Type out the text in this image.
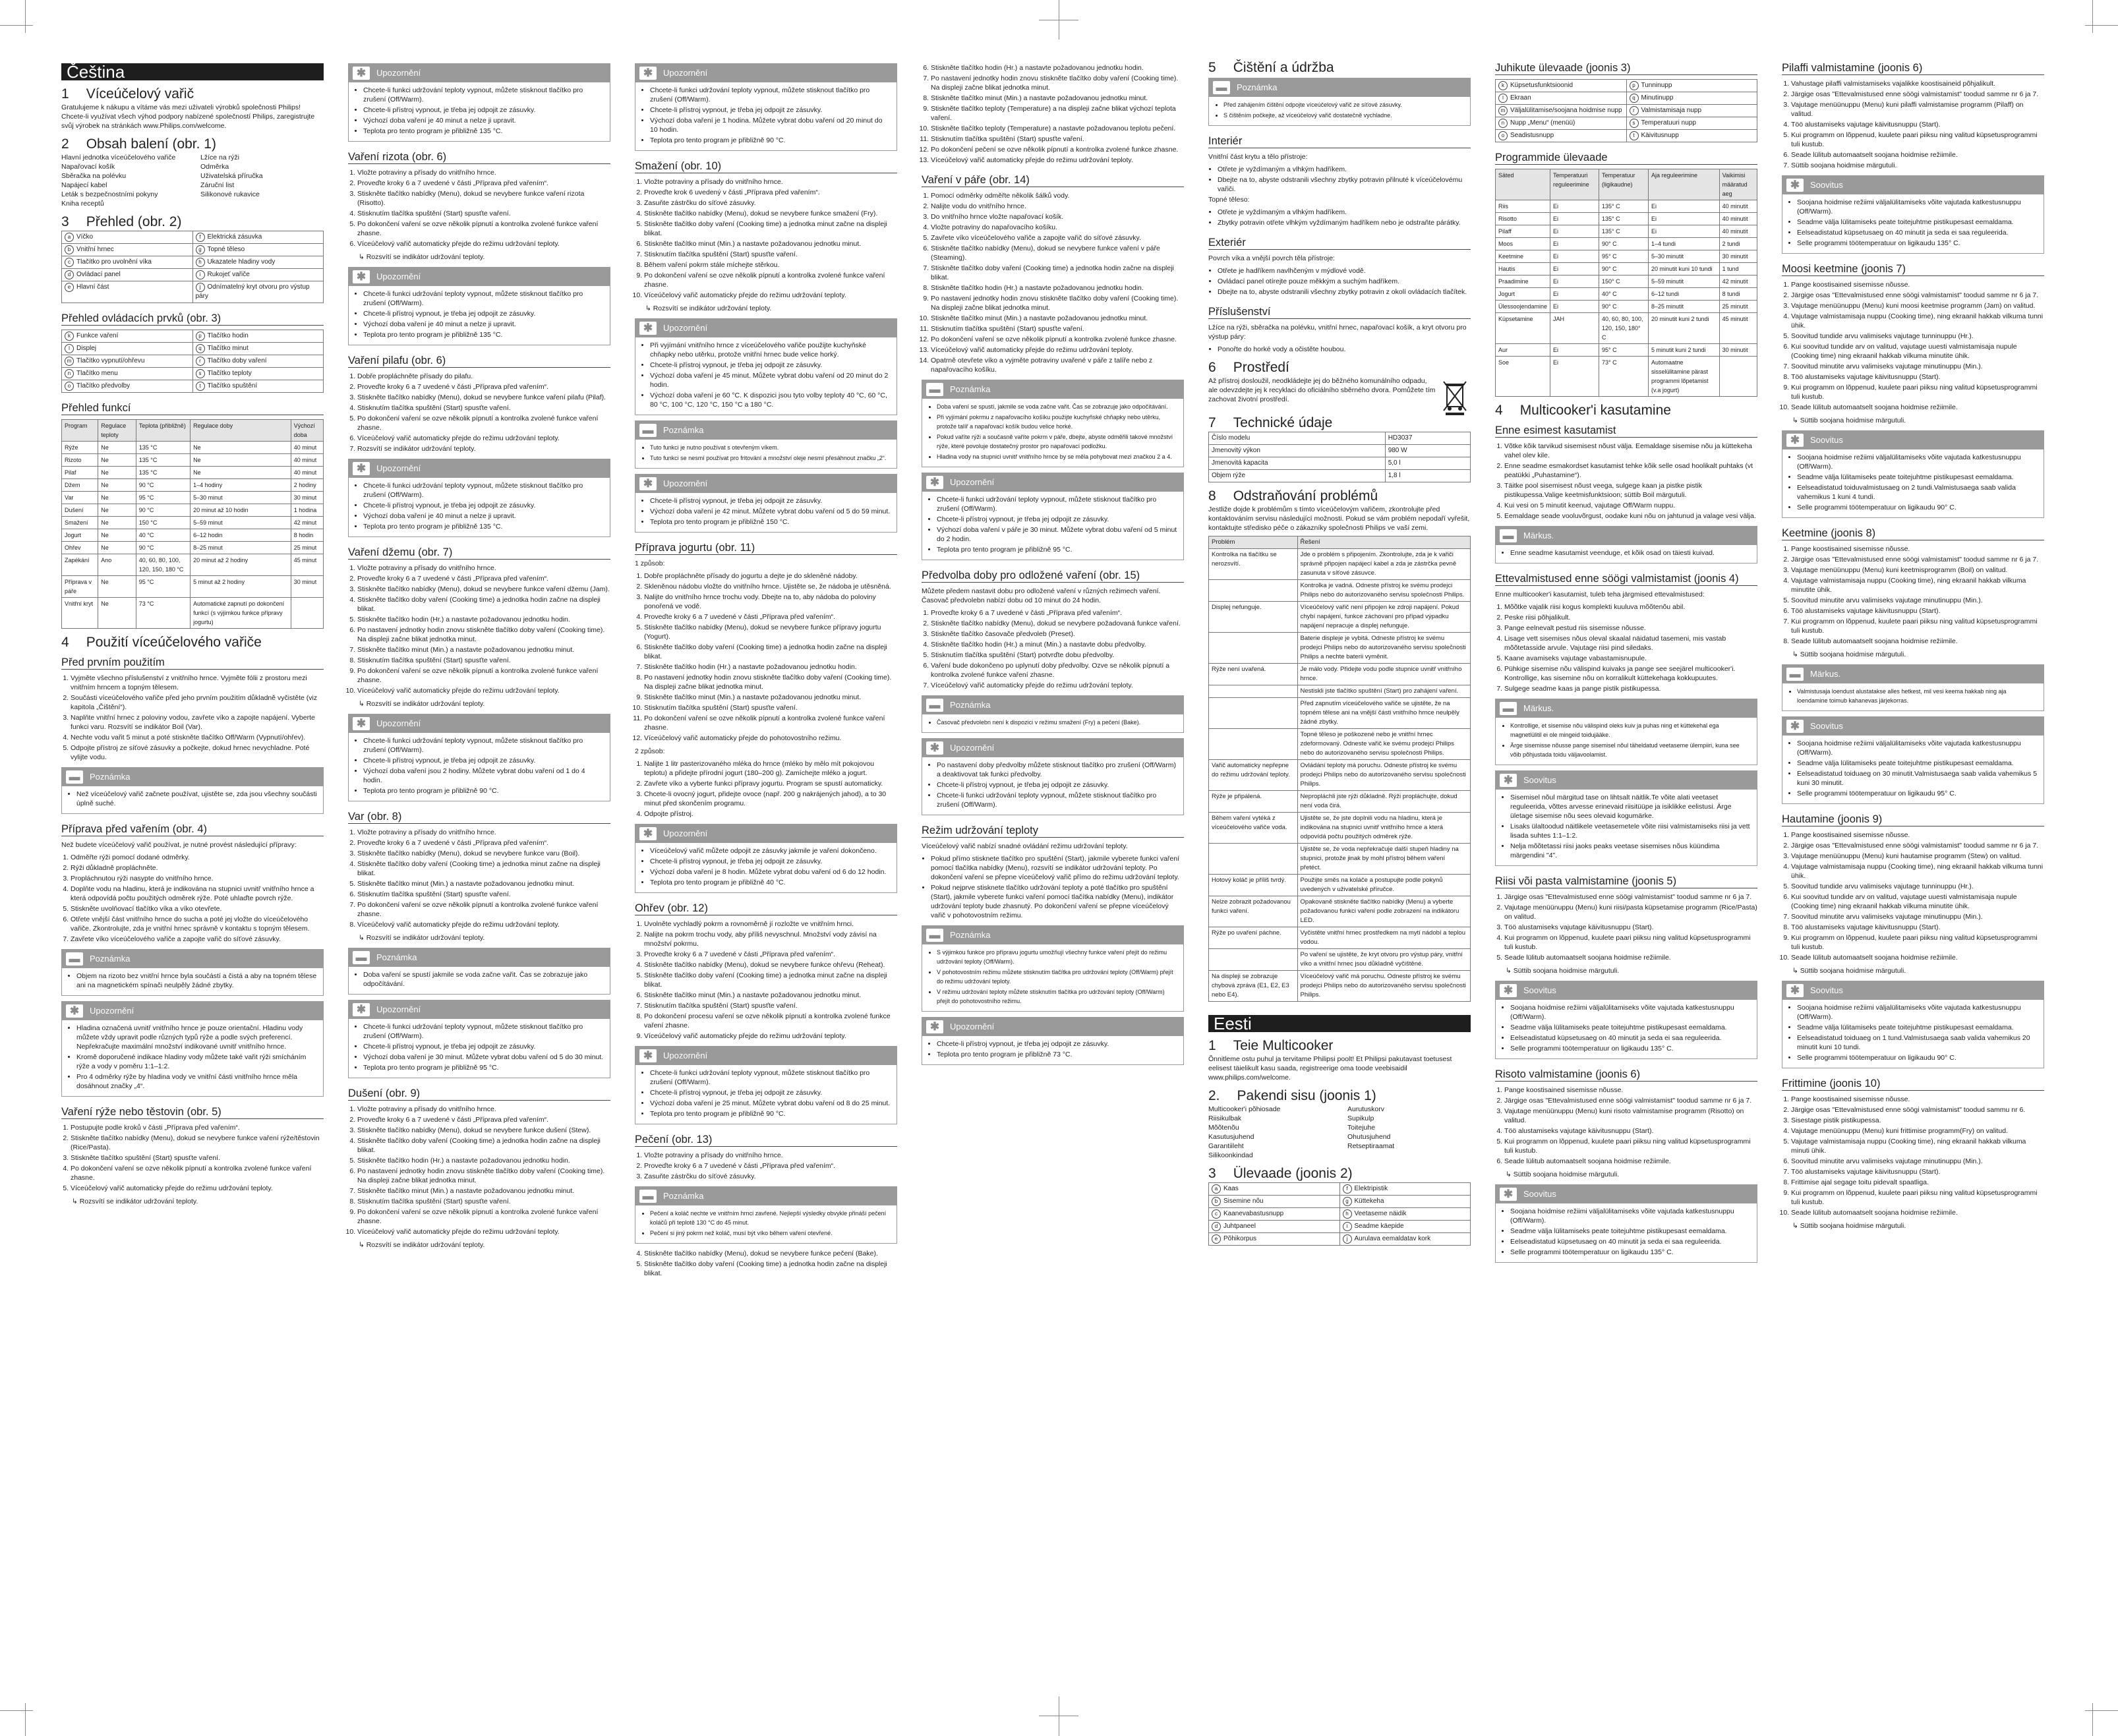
Čeština
1 Víceúčelový vařič

Gratulujeme k nákupu a vítáme vás mezi uživateli výrobků společnosti Philips! Chcete-li využívat všech výhod podpory nabízené společností Philips, zaregistrujte svůj výrobek na stránkách www.Philips.com/welcome.

2 Obsah balení (obr. 1)
Hlavní jednotka víceúčelového vařiče
Napařovací košík
Sběračka na polévku
Napájecí kabel
Leták s bezpečnostními pokyny
Kniha receptů
Lžíce na rýži
Odměrka
Uživatelská příručka
Záruční list
Silikonové rukavice
3 Přehled (obr. 2)
a Víčko	f Elektrická zásuvka
b Vnitřní hrnec	g Topné těleso
c Tlačítko pro uvolnění víka	h Ukazatele hladiny vody
d Ovládací panel	i Rukojeť vařiče
e Hlavní část	j Odnímatelný kryt otvoru pro výstup páry
Přehled ovládacích prvků (obr. 3)
k Funkce vaření	p Tlačítko hodin
l Displej	q Tlačítko minut
m Tlačítko vypnutí/ohřevu	r Tlačítko doby vaření
n Tlačítko menu	s Tlačítko teploty
o Tlačítko předvolby	t Tlačítko spuštění
Přehled funkcí
Program	Regulace teploty	Teplota (přibližně)	Regulace doby	Výchozí doba
Rýže	Ne	135 °C	Ne	40 minut
Rizoto	Ne	135 °C	Ne	40 minut
Pilaf	Ne	135 °C	Ne	40 minut
Džem	Ne	90 °C	1–4 hodiny	2 hodiny
Var	Ne	95 °C	5–30 minut	30 minut
Dušení	Ne	90 °C	20 minut až 10 hodin	1 hodina
Smažení	Ne	150 °C	5–59 minut	42 minut
Jogurt	Ne	40 °C	6–12 hodin	8 hodin
Ohřev	Ne	90 °C	8–25 minut	25 minut
Zapékání	Ano	40, 60, 80, 100, 120, 150, 180 °C	20 minut až 2 hodiny	45 minut
Příprava v páře	Ne	95 °C	5 minut až 2 hodiny	30 minut
Vnitřní kryt	Ne	73 °C	Automatické zapnutí po dokončení funkcí (s výjimkou funkce přípravy jogurtu)	
4 Použití víceúčelového vařiče
Před prvním použitím
1. Vyjměte všechno příslušenství z vnitřního hrnce. Vyjměte fólii z prostoru mezi vnitřním hrncem a topným tělesem.
2. Součásti víceúčelového vařiče před jeho prvním použitím důkladně vyčistěte (viz kapitola „Čištění“).
3. Naplňte vnitřní hrnec z poloviny vodou, zavřete víko a zapojte napájení. Vyberte funkci varu. Rozsvítí se indikátor Boil (Var).
4. Nechte vodu vařit 5 minut a poté stiskněte tlačítko Off/Warm (Vypnutí/ohřev).
5. Odpojte přístroj ze síťové zásuvky a počkejte, dokud hrnec nevychladne. Poté vylijte vodu.
▬	Poznámka
• Než víceúčelový vařič začnete používat, ujistěte se, zda jsou všechny součásti úplně suché.
Příprava před vařením (obr. 4)

Než budete víceúčelový vařič používat, je nutné provést následující přípravy:

1. Odměřte rýži pomocí dodané odměrky.
2. Rýži důkladně propláchněte.
3. Propláchnutou rýži nasypte do vnitřního hrnce.
4. Doplňte vodu na hladinu, která je indikována na stupnici uvnitř vnitřního hrnce a která odpovídá počtu použitých odměrek rýže. Poté uhlaďte povrch rýže.
5. Stiskněte uvolňovací tlačítko víka a víko otevřete.
6. Otřete vnější část vnitřního hrnce do sucha a poté jej vložte do víceúčelového vařiče. Zkontrolujte, zda je vnitřní hrnec správně v kontaktu s topným tělesem.
7. Zavřete víko víceúčelového vařiče a zapojte vařič do síťové zásuvky.
▬	Poznámka
• Objem na rizoto bez vnitřní hrnce byla součástí a čistá a aby na topném tělese ani na magnetickém spínači neulpěly žádné zbytky.
✱	Upozornění
• Hladina označená uvnitř vnitřního hrnce je pouze orientační. Hladinu vody můžete vždy upravit podle různých typů rýže a podle svých preferencí. Nepřekračujte maximální množství indikované uvnitř vnitřního hrnce.
• Kromě doporučené indikace hladiny vody můžete také vařit rýži smícháním rýže a vody v poměru 1:1–1:2.
• Pro 4 odměrky rýže by hladina vody ve vnitřní části vnitřního hrnce měla dosáhnout značky „4“.
Vaření rýže nebo těstovin (obr. 5)
1. Postupujte podle kroků v části „Příprava před vařením“.
2. Stiskněte tlačítko nabídky (Menu), dokud se nevybere funkce vaření rýže/těstovin (Rice/Pasta).
3. Stiskněte tlačítko spuštění (Start) spusťte vaření.
4. Po dokončení vaření se ozve několik pípnutí a kontrolka zvolené funkce vaření zhasne.
5. Víceúčelový vařič automaticky přejde do režimu udržování teploty.
↳ Rozsvítí se indikátor udržování teploty.
✱	Upozornění
• Chcete-li funkci udržování teploty vypnout, můžete stisknout tlačítko pro zrušení (Off/Warm).
• Chcete-li přístroj vypnout, je třeba jej odpojit ze zásuvky.
• Výchozí doba vaření je 40 minut a nelze ji upravit.
• Teplota pro tento program je přibližně 135 °C.
Vaření rizota (obr. 6)
1. Vložte potraviny a přísady do vnitřního hrnce.
2. Proveďte kroky 6 a 7 uvedené v části „Příprava před vařením“.
3. Stiskněte tlačítko nabídky (Menu), dokud se nevybere funkce vaření rizota (Risotto).
4. Stisknutím tlačítka spuštění (Start) spusťte vaření.
5. Po dokončení vaření se ozve několik pípnutí a kontrolka zvolené funkce vaření zhasne.
6. Víceúčelový vařič automaticky přejde do režimu udržování teploty.
↳ Rozsvítí se indikátor udržování teploty.
✱	Upozornění
• Chcete-li funkci udržování teploty vypnout, můžete stisknout tlačítko pro zrušení (Off/Warm).
• Chcete-li přístroj vypnout, je třeba jej odpojit ze zásuvky.
• Výchozí doba vaření je 40 minut a nelze ji upravit.
• Teplota pro tento program je přibližně 135 °C.
Vaření pilafu (obr. 6)
1. Dobře propláchněte přísady do pilafu.
2. Proveďte kroky 6 a 7 uvedené v části „Příprava před vařením“.
3. Stiskněte tlačítko nabídky (Menu), dokud se nevybere funkce vaření pilafu (Pilaf).
4. Stisknutím tlačítka spuštění (Start) spusťte vaření.
5. Po dokončení vaření se ozve několik pípnutí a kontrolka zvolené funkce vaření zhasne.
6. Víceúčelový vařič automaticky přejde do režimu udržování teploty.
7. Rozsvítí se indikátor udržování teploty.
✱	Upozornění
• Chcete-li funkci udržování teploty vypnout, můžete stisknout tlačítko pro zrušení (Off/Warm).
• Chcete-li přístroj vypnout, je třeba jej odpojit ze zásuvky.
• Výchozí doba vaření je 40 minut a nelze ji upravit.
• Teplota pro tento program je přibližně 135 °C.
Vaření džemu (obr. 7)
1. Vložte potraviny a přísady do vnitřního hrnce.
2. Proveďte kroky 6 a 7 uvedené v části „Příprava před vařením“.
3. Stiskněte tlačítko nabídky (Menu), dokud se nevybere funkce vaření džemu (Jam).
4. Stiskněte tlačítko doby vaření (Cooking time) a jednotka hodin začne na displeji blikat.
5. Stiskněte tlačítko hodin (Hr.) a nastavte požadovanou jednotku hodin.
6. Po nastavení jednotky hodin znovu stiskněte tlačítko doby vaření (Cooking time). Na displeji začne blikat jednotka minut.
7. Stiskněte tlačítko minut (Min.) a nastavte požadovanou jednotku minut.
8. Stisknutím tlačítka spuštění (Start) spusťte vaření.
9. Po dokončení vaření se ozve několik pípnutí a kontrolka zvolené funkce vaření zhasne.
10. Víceúčelový vařič automaticky přejde do režimu udržování teploty.
↳ Rozsvítí se indikátor udržování teploty.
✱	Upozornění
• Chcete-li funkci udržování teploty vypnout, můžete stisknout tlačítko pro zrušení (Off/Warm).
• Chcete-li přístroj vypnout, je třeba jej odpojit ze zásuvky.
• Výchozí doba vaření jsou 2 hodiny. Můžete vybrat dobu vaření od 1 do 4 hodin.
• Teplota pro tento program je přibližně 90 °C.
Var (obr. 8)
1. Vložte potraviny a přísady do vnitřního hrnce.
2. Proveďte kroky 6 a 7 uvedené v části „Příprava před vařením“.
3. Stiskněte tlačítko nabídky (Menu), dokud se nevybere funkce varu (Boil).
4. Stiskněte tlačítko doby vaření (Cooking time) a jednotka minut začne na displeji blikat.
5. Stiskněte tlačítko minut (Min.) a nastavte požadovanou jednotku minut.
6. Stisknutím tlačítka spuštění (Start) spusťte vaření.
7. Po dokončení vaření se ozve několik pípnutí a kontrolka zvolené funkce vaření zhasne.
8. Víceúčelový vařič automaticky přejde do režimu udržování teploty.
↳ Rozsvítí se indikátor udržování teploty.
▬	Poznámka
• Doba vaření se spustí jakmile se voda začne vařit. Čas se zobrazuje jako odpočítávání.
✱	Upozornění
• Chcete-li funkci udržování teploty vypnout, můžete stisknout tlačítko pro zrušení (Off/Warm).
• Chcete-li přístroj vypnout, je třeba jej odpojit ze zásuvky.
• Výchozí doba vaření je 30 minut. Můžete vybrat dobu vaření od 5 do 30 minut.
• Teplota pro tento program je přibližně 95 °C.
Dušení (obr. 9)
1. Vložte potraviny a přísady do vnitřního hrnce.
2. Proveďte kroky 6 a 7 uvedené v části „Příprava před vařením“.
3. Stiskněte tlačítko nabídky (Menu), dokud se nevybere funkce dušení (Stew).
4. Stiskněte tlačítko doby vaření (Cooking time) a jednotka hodin začne na displeji blikat.
5. Stiskněte tlačítko hodin (Hr.) a nastavte požadovanou jednotku hodin.
6. Po nastavení jednotky hodin znovu stiskněte tlačítko doby vaření (Cooking time). Na displeji začne blikat jednotka minut.
7. Stiskněte tlačítko minut (Min.) a nastavte požadovanou jednotku minut.
8. Stisknutím tlačítka spuštění (Start) spusťte vaření.
9. Po dokončení vaření se ozve několik pípnutí a kontrolka zvolené funkce vaření zhasne.
10. Víceúčelový vařič automaticky přejde do režimu udržování teploty.
↳ Rozsvítí se indikátor udržování teploty.
✱	Upozornění
• Chcete-li funkci udržování teploty vypnout, můžete stisknout tlačítko pro zrušení (Off/Warm).
• Chcete-li přístroj vypnout, je třeba jej odpojit ze zásuvky.
• Výchozí doba vaření je 1 hodina. Můžete vybrat dobu vaření od 20 minut do 10 hodin.
• Teplota pro tento program je přibližně 90 °C.
Smažení (obr. 10)
1. Vložte potraviny a přísady do vnitřního hrnce.
2. Proveďte krok 6 uvedený v části „Příprava před vařením“.
3. Zasuňte zástrčku do síťové zásuvky.
4. Stiskněte tlačítko nabídky (Menu), dokud se nevybere funkce smažení (Fry).
5. Stiskněte tlačítko doby vaření (Cooking time) a jednotka minut začne na displeji blikat.
6. Stiskněte tlačítko minut (Min.) a nastavte požadovanou jednotku minut.
7. Stisknutím tlačítka spuštění (Start) spusťte vaření.
8. Během vaření pokrm stále míchejte stěrkou.
9. Po dokončení vaření se ozve několik pípnutí a kontrolka zvolené funkce vaření zhasne.
10. Víceúčelový vařič automaticky přejde do režimu udržování teploty.
↳ Rozsvítí se indikátor udržování teploty.
✱	Upozornění
• Při vyjímání vnitřního hrnce z víceúčelového vařiče použijte kuchyňské chňapky nebo utěrku, protože vnitřní hrnec bude velice horký.
• Chcete-li přístroj vypnout, je třeba jej odpojit ze zásuvky.
• Výchozí doba vaření je 45 minut. Můžete vybrat dobu vaření od 20 minut do 2 hodin.
• Výchozí doba vaření je 60 °C. K dispozici jsou tyto volby teploty 40 °C, 60 °C, 80 °C, 100 °C, 120 °C, 150 °C a 180 °C.
▬	Poznámka
• Tuto funkci je nutno používat s otevřeným víkem.
• Tuto funkci se nesmí používat pro fritování a množství oleje nesmí přesáhnout značku „2“.
✱	Upozornění
• Chcete-li přístroj vypnout, je třeba jej odpojit ze zásuvky.
• Výchozí doba vaření je 42 minut. Můžete vybrat dobu vaření od 5 do 59 minut.
• Teplota pro tento program je přibližně 150 °C.
Příprava jogurtu (obr. 11)

1 způsob:

1. Dobře propláchněte přísady do jogurtu a dejte je do skleněné nádoby.
2. Skleněnou nádobu vložte do vnitřního hrnce. Ujistěte se, že nádoba je utěsněná.
3. Nalijte do vnitřního hrnce trochu vody. Dbejte na to, aby nádoba do poloviny ponořená ve vodě.
4. Proveďte kroky 6 a 7 uvedené v části „Příprava před vařením“.
5. Stiskněte tlačítko nabídky (Menu), dokud se nevybere funkce přípravy jogurtu (Yogurt).
6. Stiskněte tlačítko doby vaření (Cooking time) a jednotka hodin začne na displeji blikat.
7. Stiskněte tlačítko hodin (Hr.) a nastavte požadovanou jednotku hodin.
8. Po nastavení jednotky hodin znovu stiskněte tlačítko doby vaření (Cooking time). Na displeji začne blikat jednotka minut.
9. Stiskněte tlačítko minut (Min.) a nastavte požadovanou jednotku minut.
10. Stisknutím tlačítka spuštění (Start) spusťte vaření.
11. Po dokončení vaření se ozve několik pípnutí a kontrolka zvolené funkce vaření zhasne.
12. Víceúčelový vařič automaticky přejde do pohotovostního režimu.

2 způsob:

1. Nalijte 1 litr pasterizovaného mléka do hrnce (mléko by mělo mít pokojovou teplotu) a přidejte přírodní jogurt (180–200 g). Zamíchejte mléko a jogurt.
2. Zavřete víko a vyberte funkci přípravy jogurtu. Program se spustí automaticky.
3. Chcete-li ovocný jogurt, přidejte ovoce (např. 200 g nakrájených jahod), a to 30 minut před skončením programu.
4. Odpojte přístroj.
✱	Upozornění
• Víceúčelový vařič můžete odpojit ze zásuvky jakmile je vaření dokončeno.
• Chcete-li přístroj vypnout, je třeba jej odpojit ze zásuvky.
• Výchozí doba vaření je 8 hodin. Můžete vybrat dobu vaření od 6 do 12 hodin.
• Teplota pro tento program je přibližně 40 °C.
Ohřev (obr. 12)
1. Uvolněte vychladlý pokrm a rovnoměrně jí rozložte ve vnitřním hrnci.
2. Nalijte na pokrm trochu vody, aby příliš nevyschnul. Množství vody závisí na množství pokrmu.
3. Proveďte kroky 6 a 7 uvedené v části „Příprava před vařením“.
4. Stiskněte tlačítko nabídky (Menu), dokud se nevybere funkce ohřevu (Reheat).
5. Stiskněte tlačítko doby vaření (Cooking time) a jednotka minut začne na displeji blikat.
6. Stiskněte tlačítko minut (Min.) a nastavte požadovanou jednotku minut.
7. Stisknutím tlačítka spuštění (Start) spusťte vaření.
8. Po dokončení procesu vaření se ozve několik pípnutí a kontrolka zvolené funkce vaření zhasne.
9. Víceúčelový vařič automaticky přejde do režimu udržování teploty.
✱	Upozornění
• Chcete-li funkci udržování teploty vypnout, můžete stisknout tlačítko pro zrušení (Off/Warm).
• Chcete-li přístroj vypnout, je třeba jej odpojit ze zásuvky.
• Výchozí doba vaření je 25 minut. Můžete vybrat dobu vaření od 8 do 25 minut.
• Teplota pro tento program je přibližně 90 °C.
Pečení (obr. 13)
1. Vložte potraviny a přísady do vnitřního hrnce.
2. Proveďte kroky 6 a 7 uvedené v části „Příprava před vařením“.
3. Zasuňte zástrčku do síťové zásuvky.
▬	Poznámka
• Pečení a koláč nechte ve vnitřním hrnci zavřené. Nejlepší výsledky obvykle přináší pečení koláčů při teplotě 130 °C do 45 minut.
• Pečení si jiný pokrm než koláč, musí být víko během vaření otevřené.
4. Stiskněte tlačítko nabídky (Menu), dokud se nevybere funkce pečení (Bake).
5. Stiskněte tlačítko doby vaření (Cooking time) a jednotka hodin začne na displeji blikat.
6. Stiskněte tlačítko hodin (Hr.) a nastavte požadovanou jednotku hodin.
7. Po nastavení jednotky hodin znovu stiskněte tlačítko doby vaření (Cooking time). Na displeji začne blikat jednotka minut.
8. Stiskněte tlačítko minut (Min.) a nastavte požadovanou jednotku minut.
9. Stiskněte tlačítko teploty (Temperature) a na displeji začne blikat výchozí teplota vaření.
10. Stiskněte tlačítko teploty (Temperature) a nastavte požadovanou teplotu pečení.
11. Stisknutím tlačítka spuštění (Start) spusťte vaření.
12. Po dokončení pečení se ozve několik pípnutí a kontrolka zvolené funkce zhasne.
13. Víceúčelový vařič automaticky přejde do režimu udržování teploty.
Vaření v páře (obr. 14)
1. Pomocí odměrky odměřte několik šálků vody.
2. Nalijte vodu do vnitřního hrnce.
3. Do vnitřního hrnce vložte napařovací košík.
4. Vložte potraviny do napařovacího košíku.
5. Zavřete víko víceúčelového vařiče a zapojte vařič do síťové zásuvky.
6. Stiskněte tlačítko nabídky (Menu), dokud se nevybere funkce vaření v páře (Steaming).
7. Stiskněte tlačítko doby vaření (Cooking time) a jednotka hodin začne na displeji blikat.
8. Stiskněte tlačítko hodin (Hr.) a nastavte požadovanou jednotku hodin.
9. Po nastavení jednotky hodin znovu stiskněte tlačítko doby vaření (Cooking time). Na displeji začne blikat jednotka minut.
10. Stiskněte tlačítko minut (Min.) a nastavte požadovanou jednotku minut.
11. Stisknutím tlačítka spuštění (Start) spusťte vaření.
12. Po dokončení vaření se ozve několik pípnutí a kontrolka zvolené funkce zhasne.
13. Víceúčelový vařič automaticky přejde do režimu udržování teploty.
14. Opatrně otevřete víko a vyjměte potraviny uvařené v páře z talíře nebo z napařovacího košíku.
▬	Poznámka
• Doba vaření se spustí, jakmile se voda začne vařit. Čas se zobrazuje jako odpočítávání.
• Při vyjímání pokrmu z napařovacího košíku použijte kuchyňské chňapky nebo utěrku, protože talíř a napařovací košík budou velice horké.
• Pokud vaříte rýži a současně vaříte pokrm v páře, dbejte, abyste odměřili takové množství rýže, které povoluje dostatečný prostor pro napařovací podložku.
• Hladina vody na stupnici uvnitř vnitřního hrnce by se měla pohybovat mezi značkou 2 a 4.
✱	Upozornění
• Chcete-li funkci udržování teploty vypnout, můžete stisknout tlačítko pro zrušení (Off/Warm).
• Chcete-li přístroj vypnout, je třeba jej odpojit ze zásuvky.
• Výchozí doba vaření v páře je 30 minut. Můžete vybrat dobu vaření od 5 minut do 2 hodin.
• Teplota pro tento program je přibližně 95 °C.
Předvolba doby pro odložené vaření (obr. 15)

Můžete předem nastavit dobu pro odložené vaření v různých režimech vaření. Časovač předvolebn nabízí dobu od 10 minut do 24 hodin.

1. Proveďte kroky 6 a 7 uvedené v části „Příprava před vařením“.
2. Stiskněte tlačítko nabídky (Menu), dokud se nevybere požadovaná funkce vaření.
3. Stiskněte tlačítko časovače předvoleb (Preset).
4. Stiskněte tlačítko hodin (Hr.) a minut (Min.) a nastavte dobu předvolby.
5. Stisknutím tlačítka spuštění (Start) potvrďte dobu předvolby.
6. Vaření bude dokončeno po uplynutí doby předvolby. Ozve se několik pípnutí a kontrolka zvolené funkce vaření zhasne.
7. Víceúčelový vařič automaticky přejde do režimu udržování teploty.
▬	Poznámka
• Časovač předvolebn není k dispozici v režimu smažení (Fry) a pečení (Bake).
✱	Upozornění
• Po nastavení doby předvolby můžete stisknout tlačítko pro zrušení (Off/Warm) a deaktivovat tak funkci předvolby.
• Chcete-li přístroj vypnout, je třeba jej odpojit ze zásuvky.
• Chcete-li funkci udržování teploty vypnout, můžete stisknout tlačítko pro zrušení (Off/Warm).
Režim udržování teploty

Víceúčelový vařič nabízí snadné ovládání režimu udržování teploty.

• Pokud přímo stisknete tlačítko pro spuštění (Start), jakmile vyberete funkci vaření pomocí tlačítka nabídky (Menu), rozsvítí se indikátor udržování teploty. Po dokončení vaření se přepne víceúčelový vařič přímo do režimu udržování teploty.
• Pokud nejprve stisknete tlačítko udržování teploty a poté tlačítko pro spuštění (Start), jakmile vyberete funkci vaření pomocí tlačítka nabídky (Menu), indikátor udržování teploty bude zhasnutý. Po dokončení vaření se přepne víceúčelový vařič v pohotovostním režimu.
▬	Poznámka
• S výjimkou funkce pro přípravu jogurtu umožňují všechny funkce vaření přejít do režimu udržování teploty (Off/Warm).
• V pohotovostním režimu můžete stisknutím tlačítka pro udržování teploty (Off/Warm) přejít do režimu udržování teploty.
• V režimu udržování teploty můžete stisknutím tlačítka pro udržování teploty (Off/Warm) přejít do pohotovostního režimu.
✱	Upozornění
• Chcete-li přístroj vypnout, je třeba jej odpojit ze zásuvky.
• Teplota pro tento program je přibližně 73 °C.
5 Čištění a údržba
▬	Poznámka
• Před zahájením čištění odpojte víceúčelový vařič ze síťové zásuvky.
• S čištěním počkejte, až víceúčelový vařič dostatečně vychladne.
Interiér

Vnitřní část krytu a tělo přístroje:

• Otřete je vyždímaným a vlhkým hadříkem.
• Dbejte na to, abyste odstranili všechny zbytky potravin přilnuté k víceúčelovému vařiči.

Topné těleso:

• Otřete je vyždímaným a vlhkým hadříkem.
• Zbytky potravin otřete vlhkým vyždímaným hadříkem nebo je odstraňte párátky.
Exteriér

Povrch víka a vnější povrch těla přístroje:

• Otřete je hadříkem navlhčeným v mýdlové vodě.
• Ovládací panel otírejte pouze měkkým a suchým hadříkem.
• Dbejte na to, abyste odstranili všechny zbytky potravin z okolí ovládacích tlačítek.
Příslušenství

Lžíce na rýži, sběračka na polévku, vnitřní hrnec, napařovací košík, a kryt otvoru pro výstup páry:

• Ponořte do horké vody a očistěte houbou.
6 Prostředí

Až přístroj dosloužil, neodkládejte jej do běžného komunálního odpadu, ale odevzdejte jej k recyklaci do oficiálního sběrného dvora. Pomůžete tím zachovat životní prostředí.

7 Technické údaje
Číslo modelu	HD3037
Jmenovitý výkon	980 W
Jmenovitá kapacita	5,0 l
Objem rýže	1,8 l
8 Odstraňování problémů

Jestliže dojde k problémům s tímto víceúčelovým vařičem, zkontrolujte před kontaktováním servisu následující možnosti. Pokud se vám problém nepodaří vyřešit, kontaktujte středisko péče o zákazníky společnosti Philips ve vaší zemi.

Problém	Řešení
Kontrolka na tlačítku se nerozsvítí.	Jde o problém s připojením. Zkontrolujte, zda je k vařiči správně připojen napájecí kabel a zda je zástrčka pevně zasunuta v síťové zásuvce.
	Kontrolka je vadná. Odneste přístroj ke svému prodejci Philips nebo do autorizovaného servisu společnosti Philips.
Displej nefunguje.	Víceúčelový vařič není připojen ke zdroji napájení. Pokud chybí napájení, funkce záchovaní pro případ výpadku napájení nepracuje a displej nefunguje.
	Baterie displeje je vybitá. Odneste přístroj ke svému prodejci Philips nebo do autorizovaného servisu společnosti Philips a nechte baterii vyměnit.
Rýže není uvařená.	Je málo vody. Přidejte vodu podle stupnice uvnitř vnitřního hrnce.
	Nestiskli jste tlačítko spuštění (Start) pro zahájení vaření.
	Před zapnutím víceúčelového vařiče se ujistěte, že na topném tělese ani na vnější části vnitřního hrnce neulpěly žádné zbytky.
	Topné těleso je poškozené nebo je vnitřní hrnec zdeformovaný. Odneste vařič ke svému prodejci Philips nebo do autorizovaného servisu společnosti Philips.
Vařič automaticky nepřepne do režimu udržování teploty.	Ovládání teploty má poruchu. Odneste přístroj ke svému prodejci Philips nebo do autorizovaného servisu společnosti Philips.
Rýže je připálená.	Nepropláchli jste rýži důkladně. Rýži propláchujte, dokud není voda čirá.
Během vaření vytéká z víceúčelového vařiče voda.	Ujistěte se, že jste doplnili vodu na hladinu, která je indikována na stupnici uvnitř vnitřního hrnce a která odpovídá počtu použitých odměrek rýže.
	Ujistěte se, že voda nepřekračuje další stupeň hladiny na stupnici, protože jinak by mohl přístroj během vaření přetéct.
Hotový koláč je příliš tvrdý.	Použijte směs na koláče a postupujte podle pokynů uvedených v uživatelské příručce.
Nelze zobrazit požadovanou funkci vaření.	Opakovaně stiskněte tlačítko nabídky (Menu) a vyberte požadovanou funkci vaření podle zobrazení na indikátoru LED.
Rýže po uvaření páchne.	Vyčistěte vnitřní hrnec prostředkem na mytí nádobí a teplou vodou.
	Po vaření se ujistěte, že kryt otvoru pro výstup páry, vnitřní víko a vnitřní hrnec jsou důkladně vyčištěné.
Na displeji se zobrazuje chybová zpráva (E1, E2, E3 nebo E4).	Víceúčelový vařič má poruchu. Odneste přístroj ke svému prodejci Philips nebo do autorizovaného servisu společnosti Philips.
Eesti
1 Teie Multicooker

Õnnitleme ostu puhul ja tervitame Philipsi poolt! Et Philipsi pakutavast toetusest eelisest täielikult kasu saada, registreerige oma toode veebisaidil www.philips.com/welcome.

2. Pakendi sisu (joonis 1)
Multicooker'i põhiosade
Riisikulbak
Mõõtenõu
Kasutusjuhend
Garantiileht
Silikoonkindad
Aurutuskorv
Supikulp
Toitejuhe
Ohutusjuhend
Retseptiraamat
3 Ülevaade (joonis 2)
a Kaas	f Elektripistik
b Sisemine nõu	g Küttekeha
c Kaanevabastusnupp	h Veetaseme näidik
d Juhtpaneel	i Seadme käepide
e Põhikorpus	j Aurulava eemaldatav kork
Juhikute ülevaade (joonis 3)
k Küpsetusfunktsioonid	p Tunninupp
l Ekraan	q Minutinupp
m Väljalülitamise/soojana hoidmise nupp	r Valmistamisaja nupp
n Nupp „Menu“ (menüü)	s Temperatuuri nupp
o Seadistusnupp	t Käivitusnupp
Programmide ülevaade
Säted	Temperatuuri reguleerimine	Temperatuur (ligikaudne)	Aja reguleerimine	Vaikimisi määratud aeg
Riis	Ei	135° C	Ei	40 minutit
Risotto	Ei	135° C	Ei	40 minutit
Pilaff	Ei	135° C	Ei	40 minutit
Moos	Ei	90° C	1–4 tundi	2 tundi
Keetmine	Ei	95° C	5–30 minutit	30 minutit
Hautis	Ei	90° C	20 minutit kuni 10 tundi	1 tund
Praadimine	Ei	150° C	5–59 minutit	42 minutit
Jogurt	Ei	40° C	6–12 tundi	8 tundi
Ülessoojendamine	Ei	90° C	8–25 minutit	25 minutit
Küpsetamine	JAH	40, 60, 80, 100, 120, 150, 180° C	20 minutit kuni 2 tundi	45 minutit
Aur	Ei	95° C	5 minutit kuni 2 tundi	30 minutit
Soe	Ei	73° C	Automaatne sisselülitamine pärast programmi lõpetamist (v.a jogurt)	
4 Multicooker'i kasutamine
Enne esimest kasutamist
1. Võtke kõik tarvikud sisemisest nõust välja. Eemaldage sisemise nõu ja küttekeha vahel olev kile.
2. Enne seadme esmakordset kasutamist tehke kõik selle osad hoolikalt puhtaks (vt peatükki „Puhastamine“).
3. Täitke pool sisemisest nõust veega, sulgege kaan ja pistke pistik pistikupessa.Valige keetmisfunktsioon; süttib Boil märgutuli.
4. Kui vesi on 5 minutit keenud, vajutage Off/Warm nuppu.
5. Eemaldage seade vooluvõrgust, oodake kuni nõu on jahtunud ja valage vesi välja.
▬	Märkus.
• Enne seadme kasutamist veenduge, et kõik osad on täiesti kuivad.
Ettevalmistused enne söögi valmistamist (joonis 4)

Enne multicooker'i kasutamist, tuleb teha järgmised ettevalmistused:

1. Mõõtke vajalik riisi kogus komplekti kuuluva mõõtenõu abil.
2. Peske riisi põhjalikult.
3. Pange eelnevalt pestud riis sisemisse nõusse.
4. Lisage vett sisemises nõus oleval skaalal näidatud tasemeni, mis vastab mõõtetasside arvule. Vajutage riisi pind siledaks.
5. Kaane avamiseks vajutage vabastamisnupule.
6. Pühkige sisemise nõu välispind kuivaks ja pange see seejärel multicooker'i. Kontrollige, kas sisemine nõu on korralikult küttekehaga kokkupuutes.
7. Sulgege seadme kaas ja pange pistik pistikupessa.
▬	Märkus.
• Kontrollige, et sisemise nõu välispind oleks kuiv ja puhas ning et küttekehal ega magnetlülitil ei ole mingeid toidujääke.
• Ärge sisemisse nõusse pange sisemisel nõul täheldatud veetaseme ülempiiri, kuna see võib põhjustada toidu väljavoolamist.
✱	Soovitus
• Sisemisel nõul märgitud tase on lihtsalt näitlik.Te võite alati veetaset reguleerida, võttes arvesse erinevaid riisitüüpe ja isiklikke eelistusi. Ärge ületage sisemise nõu sees olevaid kogumärke.
• Lisaks ülaltoodud näitlikele veetasemetele võite riisi valmistamiseks riisi ja vett lisada suhtes 1:1–1:2.
• Nelja mõõtetassi riisi jaoks peaks veetase sisemises nõus küündima märgendini "4".
Riisi või pasta valmistamine (joonis 5)
1. Järgige osas "Ettevalmistused enne söögi valmistamist" toodud samme nr 6 ja 7.
2. Vajutage menüünuppu (Menu) kuni riisi/pasta küpsetamise programm (Rice/Pasta) on valitud.
3. Töö alustamiseks vajutage käivitusnuppu (Start).
4. Kui programm on lõppenud, kuulete paari piiksu ning valitud küpsetusprogrammi tuli kustub.
5. Seade lülitub automaatselt soojana hoidmise režiimile.
↳ Süttib soojana hoidmise märgutuli.
✱	Soovitus
• Soojana hoidmise režiimi väljalülitamiseks võite vajutada katkestusnuppu (Off/Warm).
• Seadme välja lülitamiseks peate toitejuhtme pistikupesast eemaldama.
• Eelseadistatud küpsetusaeg on 40 minutit ja seda ei saa reguleerida.
• Selle programmi töötemperatuur on ligikaudu 135° C.
Risoto valmistamine (joonis 6)
1. Pange koostisained sisemisse nõusse.
2. Järgige osas "Ettevalmistused enne söögi valmistamist" toodud samme nr 6 ja 7.
3. Vajutage menüünuppu (Menu) kuni risoto valmistamise programm (Risotto) on valitud.
4. Töö alustamiseks vajutage käivitusnuppu (Start).
5. Kui programm on lõppenud, kuulete paari piiksu ning valitud küpsetusprogrammi tuli kustub.
6. Seade lülitub automaatselt soojana hoidmise režiimile.
↳ Süttib soojana hoidmise märgutuli.
✱	Soovitus
• Soojana hoidmise režiimi väljalülitamiseks võite vajutada katkestusnuppu (Off/Warm).
• Seadme välja lülitamiseks peate toitejuhtme pistikupesast eemaldama.
• Eelseadistatud küpsetusaeg on 40 minutit ja seda ei saa reguleerida.
• Selle programmi töötemperatuur on ligikaudu 135° C.
Pilaffi valmistamine (joonis 6)
1. Vahustage pilaffi valmistamiseks vajalikke koostisaineid põhjalikult.
2. Järgige osas "Ettevalmistused enne söögi valmistamist" toodud samme nr 6 ja 7.
3. Vajutage menüünuppu (Menu) kuni pilaffi valmistamise programm (Pilaff) on valitud.
4. Töö alustamiseks vajutage käivitusnuppu (Start).
5. Kui programm on lõppenud, kuulete paari piiksu ning valitud küpsetusprogrammi tuli kustub.
6. Seade lülitub automaatselt soojana hoidmise režiimile.
7. Süttib soojana hoidmise märgutuli.
✱	Soovitus
• Soojana hoidmise režiimi väljalülitamiseks võite vajutada katkestusnuppu (Off/Warm).
• Seadme välja lülitamiseks peate toitejuhtme pistikupesast eemaldama.
• Eelseadistatud küpsetusaeg on 40 minutit ja seda ei saa reguleerida.
• Selle programmi töötemperatuur on ligikaudu 135° C.
Moosi keetmine (joonis 7)
1. Pange koostisained sisemisse nõusse.
2. Järgige osas "Ettevalmistused enne söögi valmistamist" toodud samme nr 6 ja 7.
3. Vajutage menüünuppu (Menu) kuni moosi keetmise programm (Jam) on valitud.
4. Vajutage valmistamisaja nuppu (Cooking time), ning ekraanil hakkab vilkuma tunni ühik.
5. Soovitud tundide arvu valimiseks vajutage tunninuppu (Hr.).
6. Kui soovitud tundide arv on valitud, vajutage uuesti valmistamisaja nupule (Cooking time) ning ekraanil hakkab vilkuma minutite ühik.
7. Soovitud minutite arvu valimiseks vajutage minutinuppu (Min.).
8. Töö alustamiseks vajutage käivitusnuppu (Start).
9. Kui programm on lõppenud, kuulete paari piiksu ning valitud küpsetusprogrammi tuli kustub.
10. Seade lülitub automaatselt soojana hoidmise režiimile.
↳ Süttib soojana hoidmise märgutuli.
✱	Soovitus
• Soojana hoidmise režiimi väljalülitamiseks võite vajutada katkestusnuppu (Off/Warm).
• Seadme välja lülitamiseks peate toitejuhtme pistikupesast eemaldama.
• Eelseadistatud toiduvalmistusaeg on 2 tundi.Valmistusaega saab valida vahemikus 1 kuni 4 tundi.
• Selle programmi töötemperatuur on ligikaudu 90° C.
Keetmine (joonis 8)
1. Pange koostisained sisemisse nõusse.
2. Järgige osas "Ettevalmistused enne söögi valmistamist" toodud samme nr 6 ja 7.
3. Vajutage menüünuppu (Menu) kuni keetmisprogramm (Boil) on valitud.
4. Vajutage valmistamisaja nuppu (Cooking time), ning ekraanil hakkab vilkuma minutite ühik.
5. Soovitud minutite arvu valimiseks vajutage minutinuppu (Min.).
6. Töö alustamiseks vajutage käivitusnuppu (Start).
7. Kui programm on lõppenud, kuulete paari piiksu ning valitud küpsetusprogrammi tuli kustub.
8. Seade lülitub automaatselt soojana hoidmise režiimile.
↳ Süttib soojana hoidmise märgutuli.
▬	Märkus.
• Valmistusaja loendust alustatakse alles hetkest, mil vesi keema hakkab ning aja loendamine toimub kahanevas järjekorras.
✱	Soovitus
• Soojana hoidmise režiimi väljalülitamiseks võite vajutada katkestusnuppu (Off/Warm).
• Seadme välja lülitamiseks peate toitejuhtme pistikupesast eemaldama.
• Eelseadistatud toiduaeg on 30 minutit.Valmistusaega saab valida vahemikus 5 kuni 30 minutit.
• Selle programmi töötemperatuur on ligikaudu 95° C.
Hautamine (joonis 9)
1. Pange koostisained sisemisse nõusse.
2. Järgige osas "Ettevalmistused enne söögi valmistamist" toodud samme nr 6 ja 7.
3. Vajutage menüünuppu (Menu) kuni hautamise programm (Stew) on valitud.
4. Vajutage valmistamisaja nuppu (Cooking time), ning ekraanil hakkab vilkuma tunni ühik.
5. Soovitud tundide arvu valimiseks vajutage tunninuppu (Hr.).
6. Kui soovitud tundide arv on valitud, vajutage uuesti valmistamisaja nupule (Cooking time) ning ekraanil hakkab vilkuma minutite ühik.
7. Soovitud minutite arvu valimiseks vajutage minutinuppu (Min.).
8. Töö alustamiseks vajutage käivitusnuppu (Start).
9. Kui programm on lõppenud, kuulete paari piiksu ning valitud küpsetusprogrammi tuli kustub.
10. Seade lülitub automaatselt soojana hoidmise režiimile.
↳ Süttib soojana hoidmise märgutuli.
✱	Soovitus
• Soojana hoidmise režiimi väljalülitamiseks võite vajutada katkestusnuppu (Off/Warm).
• Seadme välja lülitamiseks peate toitejuhtme pistikupesast eemaldama.
• Eelseadistatud toiduaeg on 1 tund.Valmistusaega saab valida vahemikus 20 minutit kuni 10 tundi.
• Selle programmi töötemperatuur on ligikaudu 90° C.
Frittimine (joonis 10)
1. Pange koostisained sisemisse nõusse.
2. Järgige osas "Ettevalmistused enne söögi valmistamist" toodud sammu nr 6.
3. Sisestage pistik pistikupessa.
4. Vajutage menüünuppu (Menu) kuni frittimise programm(Fry) on valitud.
5. Vajutage valmistamisaja nuppu (Cooking time), ning ekraanil hakkab vilkuma minuti ühik.
6. Soovitud minutite arvu valimiseks vajutage minutinuppu (Min.).
7. Töö alustamiseks vajutage käivitusnuppu (Start).
8. Frittimise ajal segage toitu pidevalt spaatliga.
9. Kui programm on lõppenud, kuulete paari piiksu ning valitud küpsetusprogrammi tuli kustub.
10. Seade lülitub automaatselt soojana hoidmise režiimile.
↳ Süttib soojana hoidmise märgutuli.
